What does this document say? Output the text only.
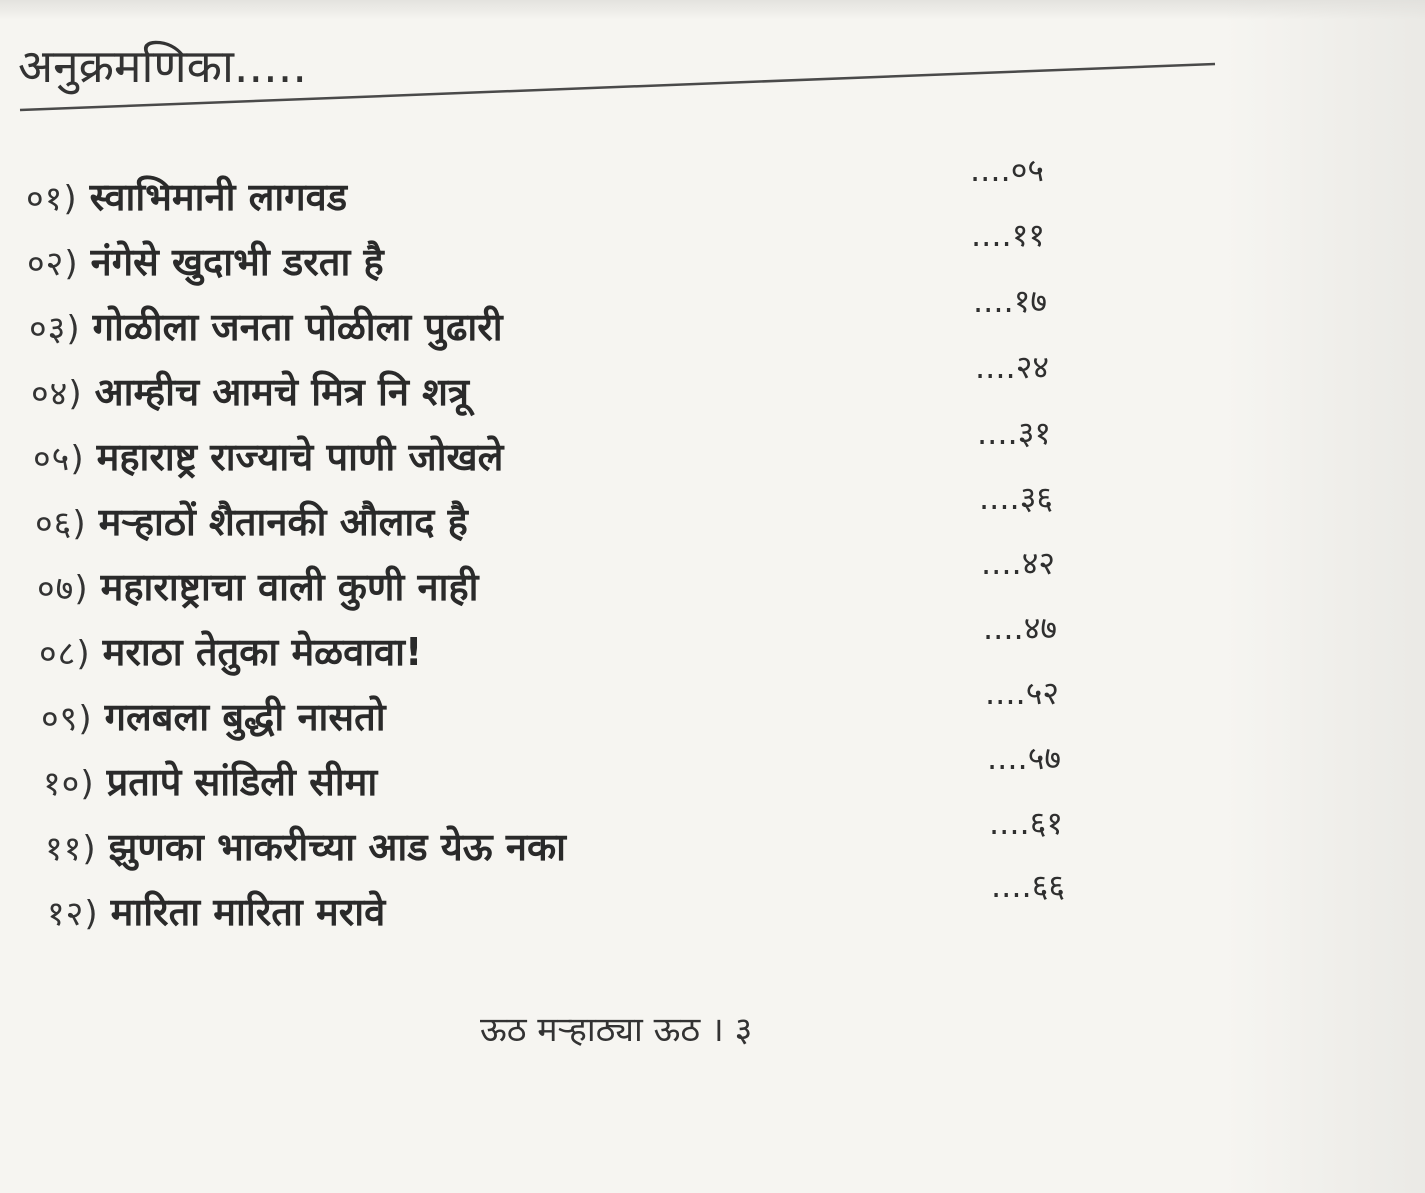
अनुक्रमणिका.....
०१) स्वाभिमानी लागवड
....०५
०२) नंगेसे खुदाभी डरता है
....११
०३) गोळीला जनता पोळीला पुढारी
....१७
०४) आम्हीच आमचे मित्र नि शत्रू
....२४
०५) महाराष्ट्र राज्याचे पाणी जोखले
....३१
०६) मऱ्हाठों शैतानकी औलाद है
....३६
०७) महाराष्ट्राचा वाली कुणी नाही
....४२
०८) मराठा तेतुका मेळवावा!
....४७
०९) गलबला बुद्धी नासतो
....५२
१०) प्रतापे सांडिली सीमा
....५७
११) झुणका भाकरीच्या आड येऊ नका
....६१
१२) मारिता मारिता मरावे
....६६
ऊठ मऱ्हाठ्या ऊठ । ३
